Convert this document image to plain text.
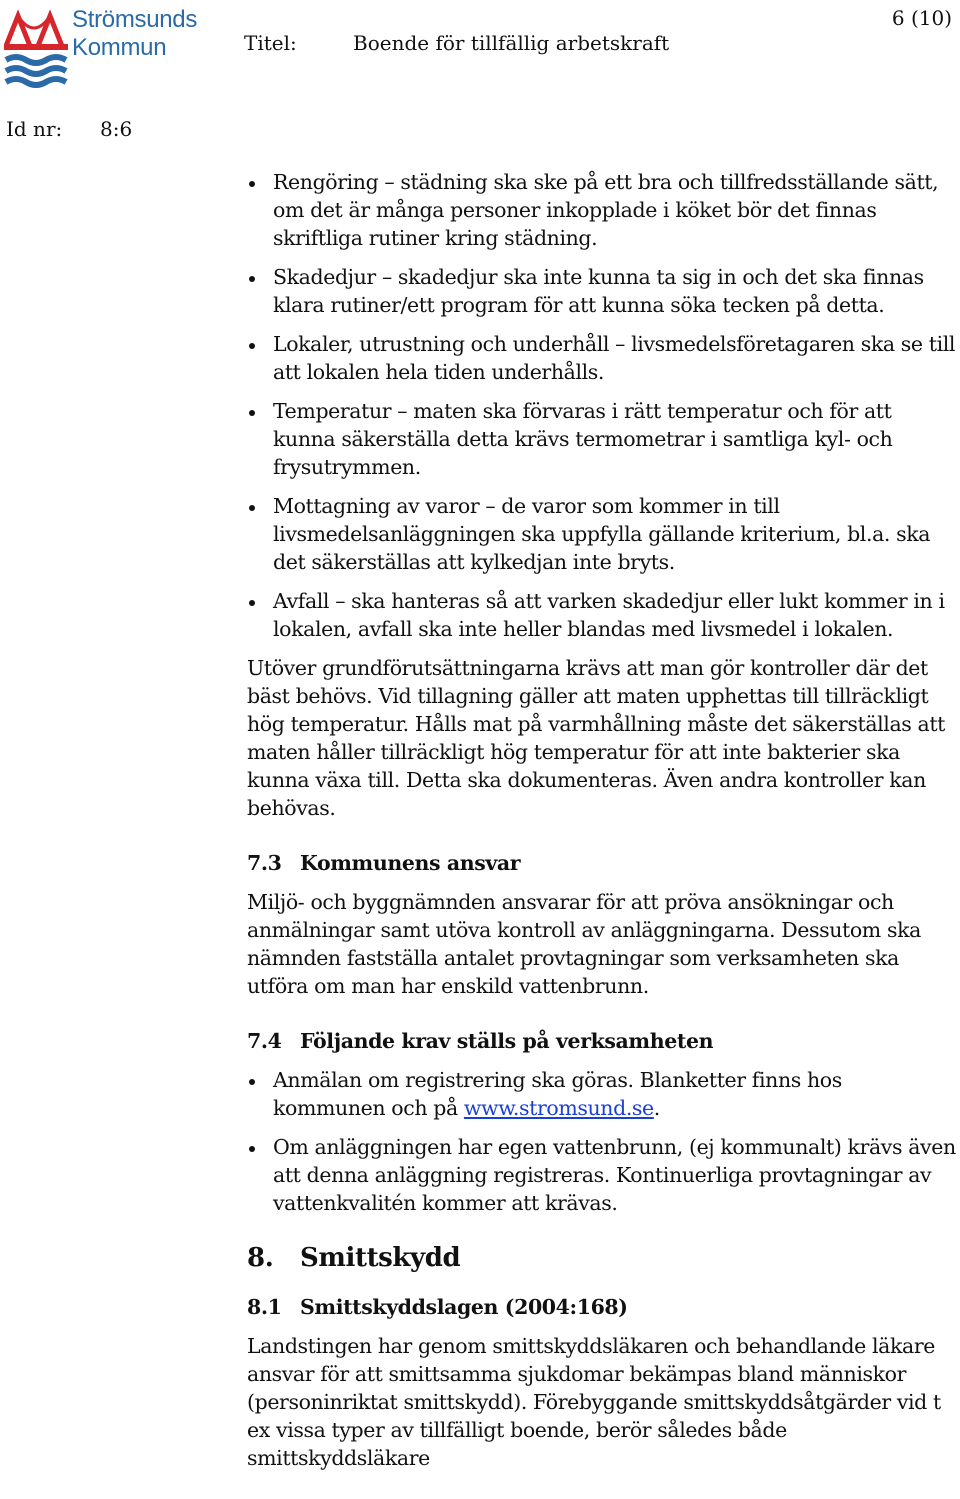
Strömsunds
Kommun	Titel:	Boende för tillfällig arbetskraft
6 (10)
Id nr: 8:6
Rengöring – städning ska ske på ett bra och tillfredsställande sätt, om det är många personer inkopplade i köket bör det finnas skriftliga rutiner kring städning.
Skadedjur – skadedjur ska inte kunna ta sig in och det ska finnas klara rutiner/ett program för att kunna söka tecken på detta.
Lokaler, utrustning och underhåll – livsmedelsföretagaren ska se till att lokalen hela tiden underhålls.
Temperatur – maten ska förvaras i rätt temperatur och för att kunna säkerställa detta krävs termometrar i samtliga kyl- och frysutrymmen.
Mottagning av varor – de varor som kommer in till livsmedelsanläggningen ska uppfylla gällande kriterium, bl.a. ska det säkerställas att kylkedjan inte bryts.
Avfall – ska hanteras så att varken skadedjur eller lukt kommer in i lokalen, avfall ska inte heller blandas med livsmedel i lokalen.

Utöver grundförutsättningarna krävs att man gör kontroller där det bäst behövs. Vid tillagning gäller att maten upphettas till tillräckligt hög temperatur. Hålls mat på varmhållning måste det säkerställas att maten håller tillräckligt hög temperatur för att inte bakterier ska kunna växa till. Detta ska dokumenteras. Även andra kontroller kan behövas.

7.3 Kommunens ansvar

Miljö- och byggnämnden ansvarar för att pröva ansökningar och anmälningar samt utöva kontroll av anläggningarna. Dessutom ska nämnden fastställa antalet provtagningar som verksamheten ska utföra om man har enskild vattenbrunn.

7.4 Följande krav ställs på verksamheten
Anmälan om registrering ska göras. Blanketter finns hos kommunen och på www.stromsund.se.
Om anläggningen har egen vattenbrunn, (ej kommunalt) krävs även att denna anläggning registreras. Kontinuerliga provtagningar av vattenkvalitén kommer att krävas.
8. Smittskydd
8.1 Smittskyddslagen (2004:168)

Landstingen har genom smittskyddsläkaren och behandlande läkare ansvar för att smittsamma sjukdomar bekämpas bland människor (personinriktat smittskydd). Förebyggande smittskyddsåtgärder vid t ex vissa typer av tillfälligt boende, berör således både smittskyddsläkare
